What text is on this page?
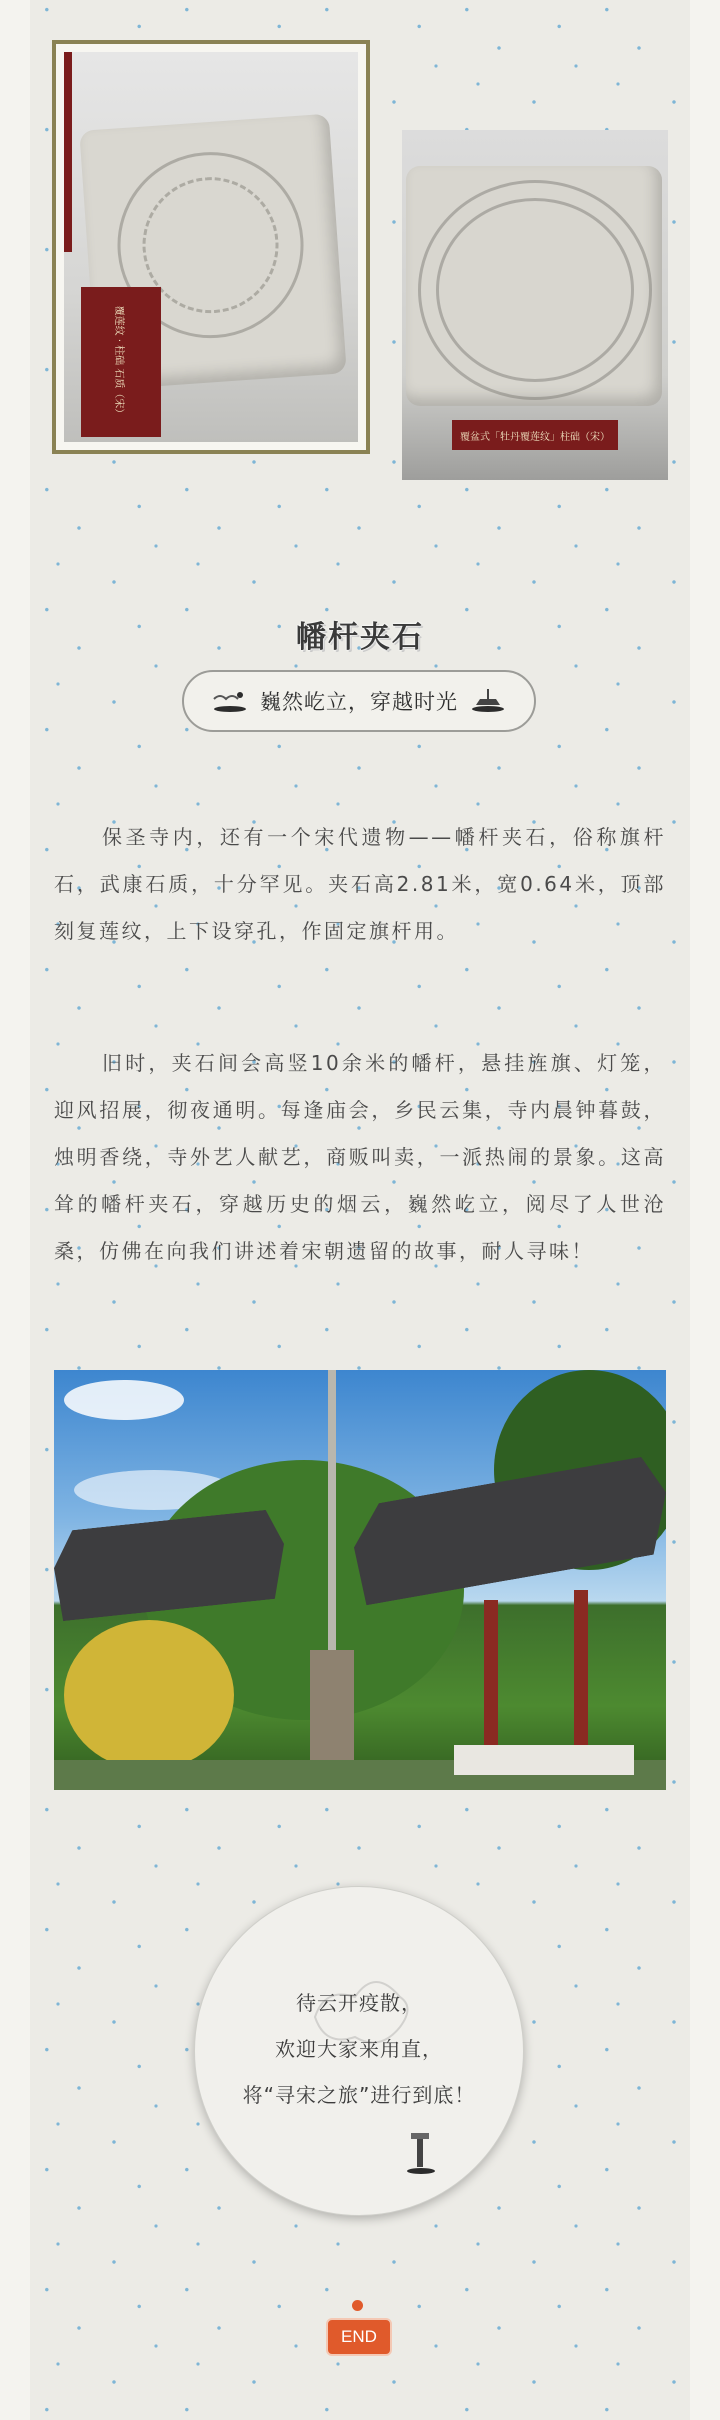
覆莲纹 · 柱础 石质（宋）
覆盆式「牡丹覆莲纹」柱础（宋）
幡杆夹石
巍然屹立，穿越时光

保圣寺内，还有一个宋代遗物——幡杆夹石，俗称旗杆石，武康石质，十分罕见。夹石高2.81米，宽0.64米，顶部刻复莲纹，上下设穿孔，作固定旗杆用。

旧时，夹石间会高竖10余米的幡杆，悬挂旌旗、灯笼，迎风招展，彻夜通明。每逢庙会，乡民云集，寺内晨钟暮鼓，烛明香绕，寺外艺人献艺，商贩叫卖，一派热闹的景象。这高耸的幡杆夹石，穿越历史的烟云，巍然屹立，阅尽了人世沧桑，仿佛在向我们讲述着宋朝遗留的故事，耐人寻味！

待云开疫散，
欢迎大家来甪直，
将“寻宋之旅”进行到底！
END
